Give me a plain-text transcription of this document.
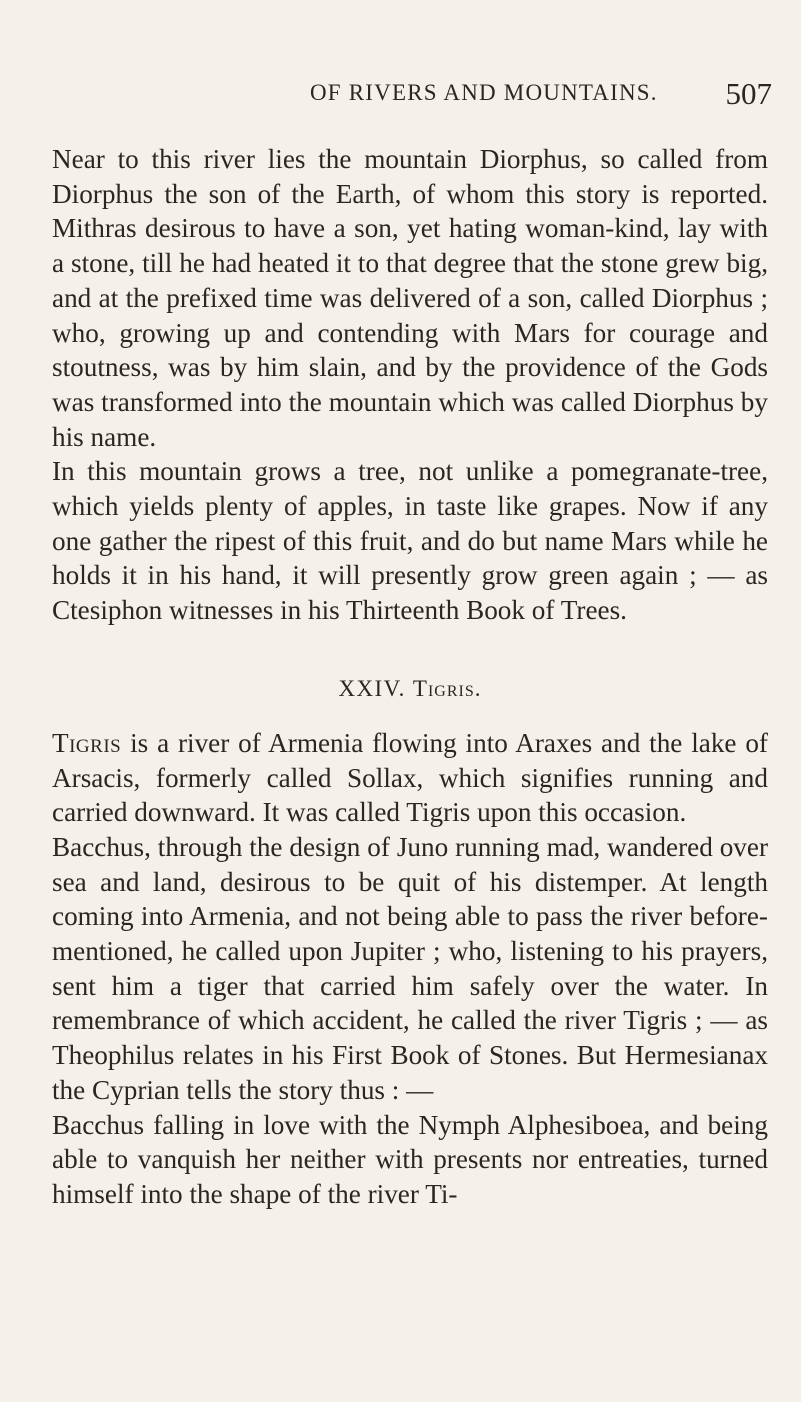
OF RIVERS AND MOUNTAINS. 507

Near to this river lies the mountain Diorphus, so called from Diorphus the son of the Earth, of whom this story is reported. Mithras desirous to have a son, yet hating woman-kind, lay with a stone, till he had heated it to that degree that the stone grew big, and at the prefixed time was delivered of a son, called Diorphus ; who, growing up and contending with Mars for courage and stoutness, was by him slain, and by the providence of the Gods was transformed into the mountain which was called Diorphus by his name.

In this mountain grows a tree, not unlike a pomegranate-tree, which yields plenty of apples, in taste like grapes. Now if any one gather the ripest of this fruit, and do but name Mars while he holds it in his hand, it will presently grow green again ; — as Ctesiphon witnesses in his Thirteenth Book of Trees.

XXIV. Tigris.

Tigris is a river of Armenia flowing into Araxes and the lake of Arsacis, formerly called Sollax, which signifies running and carried downward. It was called Tigris upon this occasion.

Bacchus, through the design of Juno running mad, wandered over sea and land, desirous to be quit of his distemper. At length coming into Armenia, and not being able to pass the river before-mentioned, he called upon Jupiter ; who, listening to his prayers, sent him a tiger that carried him safely over the water. In remembrance of which accident, he called the river Tigris ; — as Theophilus relates in his First Book of Stones. But Hermesianax the Cyprian tells the story thus : —

Bacchus falling in love with the Nymph Alphesiboea, and being able to vanquish her neither with presents nor entreaties, turned himself into the shape of the river Ti-
